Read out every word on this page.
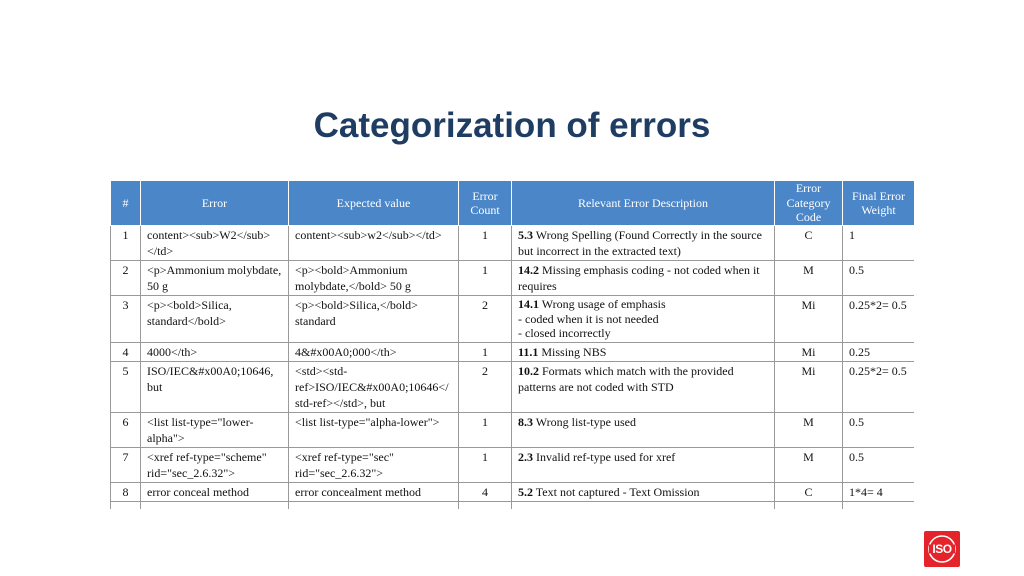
Categorization of errors
#	Error	Expected value	Error Count	Relevant Error Description	Error Category Code	Final Error Weight
1	content><sub>W2</sub></td>	content><sub>w2</sub></td>	1	5.3 Wrong Spelling (Found Correctly in the source but incorrect in the extracted text)	C	1
2	<p>Ammonium molybdate, 50 g	<p><bold>Ammonium molybdate,</bold> 50 g	1	14.2 Missing emphasis coding - not coded when it requires	M	0.5
3	<p><bold>Silica, standard</bold>	<p><bold>Silica,</bold> standard	2	14.1 Wrong usage of emphasis
- coded when it is not needed
- closed incorrectly	Mi	0.25*2= 0.5
4	4000</th>	4&#x00A0;000</th>	1	11.1 Missing NBS	Mi	0.25
5	ISO/IEC&#x00A0;10646, but	<std><std-ref>ISO/IEC&#x00A0;10646</std-ref></std>, but	2	10.2 Formats which match with the provided patterns are not coded with STD	Mi	0.25*2= 0.5
6	<list list-type="lower-alpha">	<list list-type="alpha-lower">	1	8.3 Wrong list-type used	M	0.5
7	<xref ref-type="scheme" rid="sec_2.6.32">	<xref ref-type="sec" rid="sec_2.6.32">	1	2.3 Invalid ref-type used for xref	M	0.5
8	error conceal method	error concealment method	4	5.2 Text not captured - Text Omission	C	1*4= 4

ISO
